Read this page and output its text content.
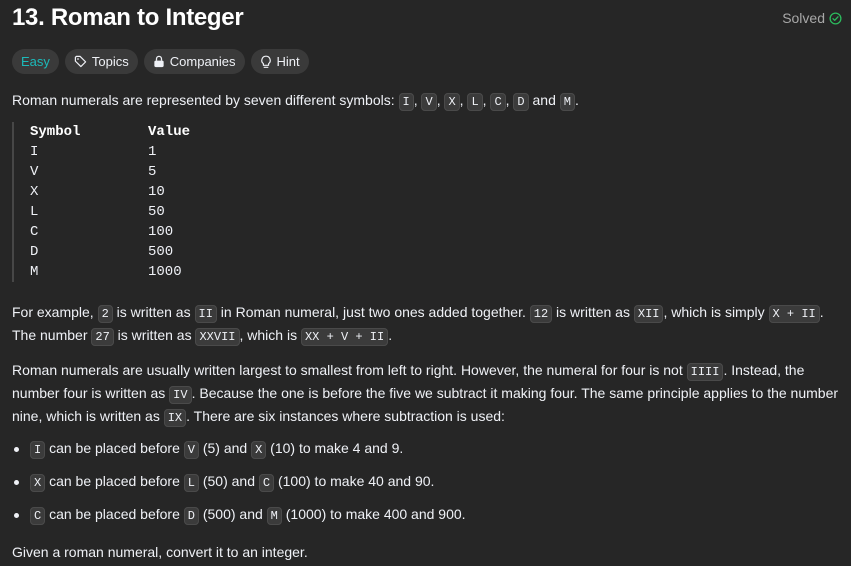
13. Roman to Integer	Solved
Easy	Topics	Companies	Hint

Roman numerals are represented by seven different symbols: I , V , X , L , C , D and M .

Symbol	Value
I	1
V	5
X	10
L	50
C	100
D	500
M	1000

For example, 2 is written as II in Roman numeral, just two ones added together. 12 is written as XII , which is simply X + II . The number 27 is written as XXVII , which is XX + V + II .

Roman numerals are usually written largest to smallest from left to right. However, the numeral for four is not IIII . Instead, the number four is written as IV . Because the one is before the five we subtract it making four. The same principle applies to the number nine, which is written as IX . There are six instances where subtraction is used:

I can be placed before V (5) and X (10) to make 4 and 9.
X can be placed before L (50) and C (100) to make 40 and 90.
C can be placed before D (500) and M (1000) to make 400 and 900.

Given a roman numeral, convert it to an integer.
